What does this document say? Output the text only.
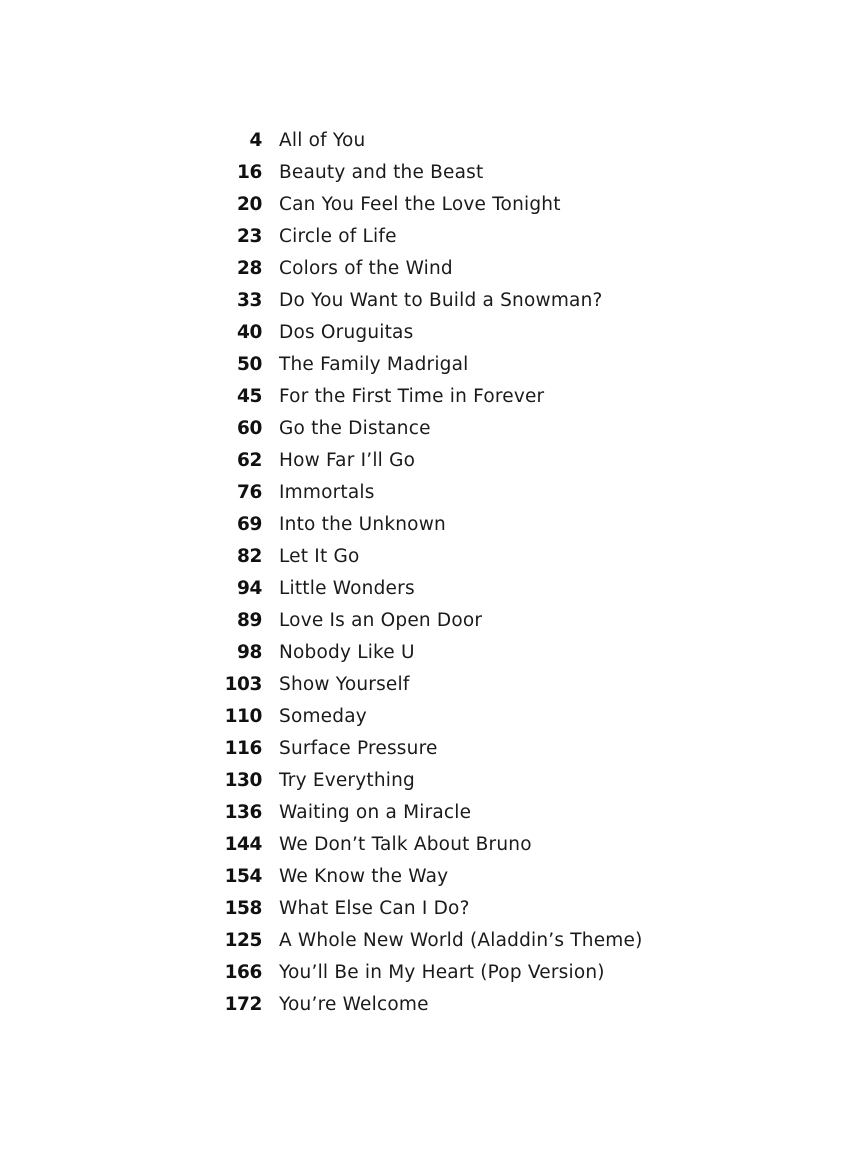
4 All of You
16 Beauty and the Beast
20 Can You Feel the Love Tonight
23 Circle of Life
28 Colors of the Wind
33 Do You Want to Build a Snowman?
40 Dos Oruguitas
50 The Family Madrigal
45 For the First Time in Forever
60 Go the Distance
62 How Far I’ll Go
76 Immortals
69 Into the Unknown
82 Let It Go
94 Little Wonders
89 Love Is an Open Door
98 Nobody Like U
103 Show Yourself
110 Someday
116 Surface Pressure
130 Try Everything
136 Waiting on a Miracle
144 We Don’t Talk About Bruno
154 We Know the Way
158 What Else Can I Do?
125 A Whole New World (Aladdin’s Theme)
166 You’ll Be in My Heart (Pop Version)
172 You’re Welcome
